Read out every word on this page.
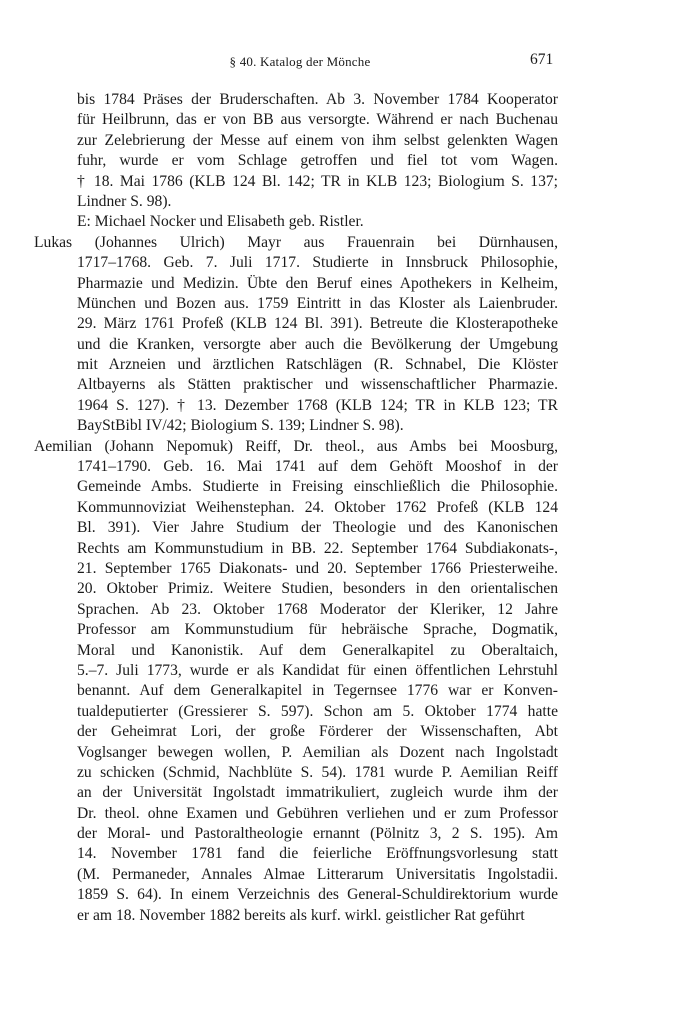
§ 40. Katalog der Mönche	671
bis 1784 Präses der Bruderschaften. Ab 3. November 1784 Kooperator
für Heilbrunn, das er von BB aus versorgte. Während er nach Buchenau
zur Zelebrierung der Messe auf einem von ihm selbst gelenkten Wagen
fuhr, wurde er vom Schlage getroffen und fiel tot vom Wagen.
† 18. Mai 1786 (KLB 124 Bl. 142; TR in KLB 123; Biologium S. 137;
Lindner S. 98).
E: Michael Nocker und Elisabeth geb. Ristler.
Lukas (Johannes Ulrich) Mayr aus Frauenrain bei Dürnhausen,
1717–1768. Geb. 7. Juli 1717. Studierte in Innsbruck Philosophie,
Pharmazie und Medizin. Übte den Beruf eines Apothekers in Kelheim,
München und Bozen aus. 1759 Eintritt in das Kloster als Laienbruder.
29. März 1761 Profeß (KLB 124 Bl. 391). Betreute die Klosterapotheke
und die Kranken, versorgte aber auch die Bevölkerung der Umgebung
mit Arzneien und ärztlichen Ratschlägen (R. Schnabel, Die Klöster
Altbayerns als Stätten praktischer und wissenschaftlicher Pharmazie.
1964 S. 127). † 13. Dezember 1768 (KLB 124; TR in KLB 123; TR
BayStBibl IV/42; Biologium S. 139; Lindner S. 98).
Aemilian (Johann Nepomuk) Reiff, Dr. theol., aus Ambs bei Moosburg,
1741–1790. Geb. 16. Mai 1741 auf dem Gehöft Mooshof in der
Gemeinde Ambs. Studierte in Freising einschließlich die Philosophie.
Kommunnoviziat Weihenstephan. 24. Oktober 1762 Profeß (KLB 124
Bl. 391). Vier Jahre Studium der Theologie und des Kanonischen
Rechts am Kommunstudium in BB. 22. September 1764 Subdiakonats-,
21. September 1765 Diakonats- und 20. September 1766 Priesterweihe.
20. Oktober Primiz. Weitere Studien, besonders in den orientalischen
Sprachen. Ab 23. Oktober 1768 Moderator der Kleriker, 12 Jahre
Professor am Kommunstudium für hebräische Sprache, Dogmatik,
Moral und Kanonistik. Auf dem Generalkapitel zu Oberaltaich,
5.–7. Juli 1773, wurde er als Kandidat für einen öffentlichen Lehrstuhl
benannt. Auf dem Generalkapitel in Tegernsee 1776 war er Konven-
tualdeputierter (Gressierer S. 597). Schon am 5. Oktober 1774 hatte
der Geheimrat Lori, der große Förderer der Wissenschaften, Abt
Voglsanger bewegen wollen, P. Aemilian als Dozent nach Ingolstadt
zu schicken (Schmid, Nachblüte S. 54). 1781 wurde P. Aemilian Reiff
an der Universität Ingolstadt immatrikuliert, zugleich wurde ihm der
Dr. theol. ohne Examen und Gebühren verliehen und er zum Professor
der Moral- und Pastoraltheologie ernannt (Pölnitz 3, 2 S. 195). Am
14. November 1781 fand die feierliche Eröffnungsvorlesung statt
(M. Permaneder, Annales Almae Litterarum Universitatis Ingolstadii.
1859 S. 64). In einem Verzeichnis des General-Schuldirektorium wurde
er am 18. November 1882 bereits als kurf. wirkl. geistlicher Rat geführt
